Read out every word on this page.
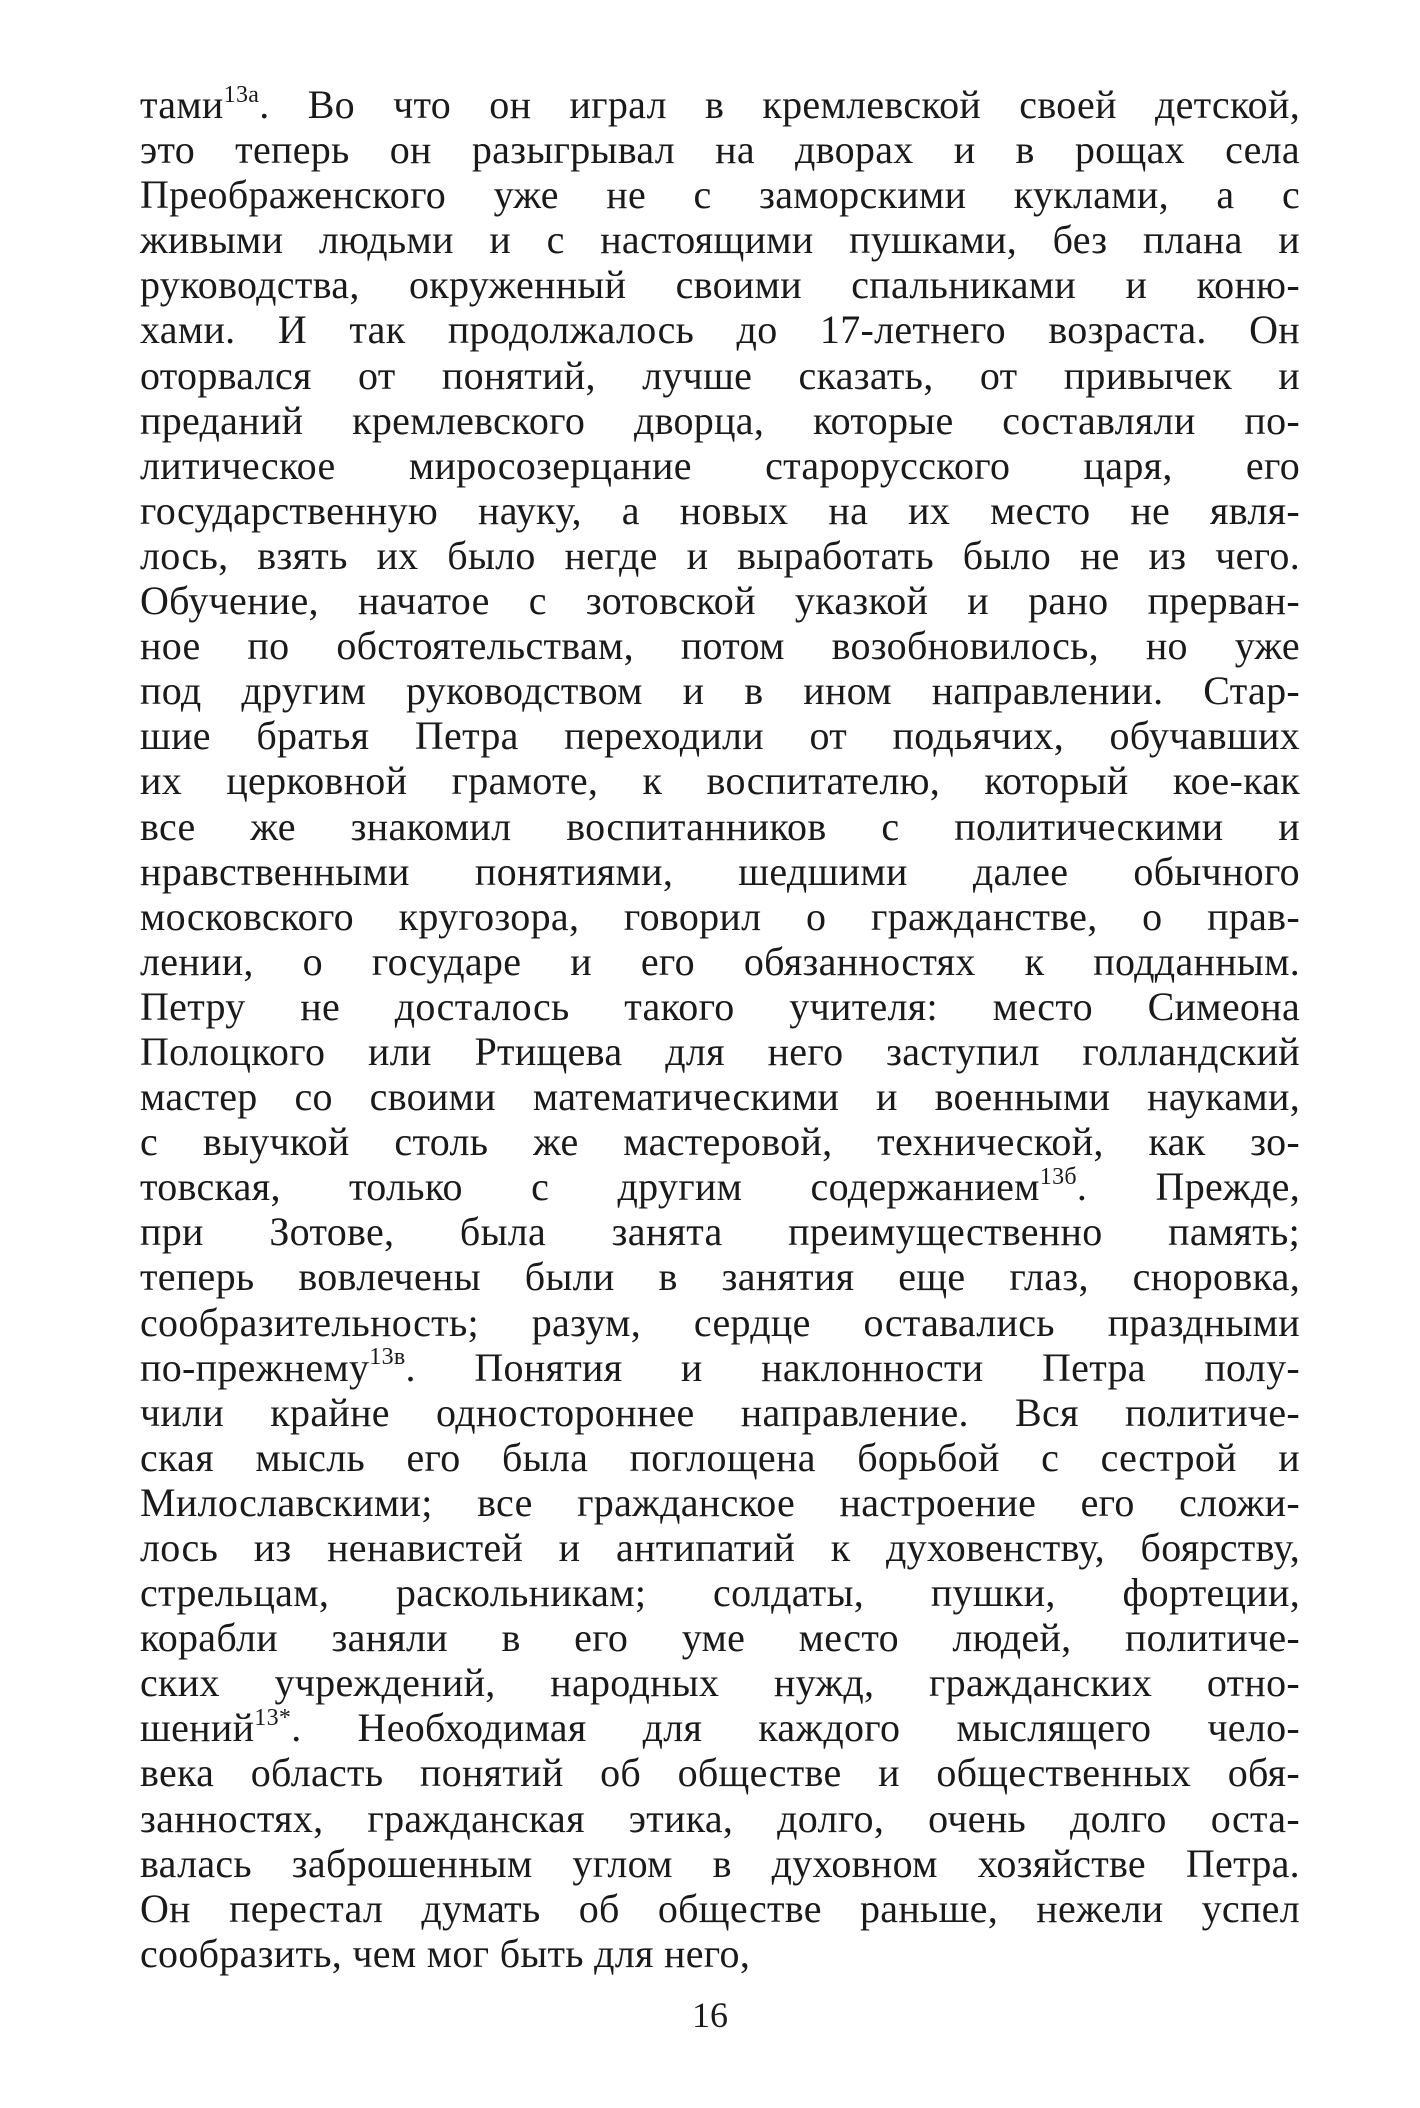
тами$^{13а}$. Во что он играл в кремлевской своей детской,
это теперь он разыгрывал на дворах и в рощах села
Преображенского уже не с заморскими куклами, а с
живыми людьми и с настоящими пушками, без плана и
руководства, окруженный своими спальниками и коню-
хами. И так продолжалось до 17-летнего возраста. Он
оторвался от понятий, лучше сказать, от привычек и
преданий кремлевского дворца, которые составляли по-
литическое миросозерцание старорусского царя, его
государственную науку, а новых на их место не явля-
лось, взять их было негде и выработать было не из чего.
Обучение, начатое с зотовской указкой и рано прерван-
ное по обстоятельствам, потом возобновилось, но уже
под другим руководством и в ином направлении. Стар-
шие братья Петра переходили от подьячих, обучавших
их церковной грамоте, к воспитателю, который кое-как
все же знакомил воспитанников с политическими и
нравственными понятиями, шедшими далее обычного
московского кругозора, говорил о гражданстве, о прав-
лении, о государе и его обязанностях к подданным.
Петру не досталось такого учителя: место Симеона
Полоцкого или Ртищева для него заступил голландский
мастер со своими математическими и военными науками,
с выучкой столь же мастеровой, технической, как зо-
товская, только с другим содержанием$^{13б}$. Прежде,
при Зотове, была занята преимущественно память;
теперь вовлечены были в занятия еще глаз, сноровка,
сообразительность; разум, сердце оставались праздными
по-прежнему$^{13в}$. Понятия и наклонности Петра полу-
чили крайне одностороннее направление. Вся политиче-
ская мысль его была поглощена борьбой с сестрой и
Милославскими; все гражданское настроение его сложи-
лось из ненавистей и антипатий к духовенству, боярству,
стрельцам, раскольникам; солдаты, пушки, фортеции,
корабли заняли в его уме место людей, политиче-
ских учреждений, народных нужд, гражданских отно-
шений$^{13*}$. Необходимая для каждого мыслящего чело-
века область понятий об обществе и общественных обя-
занностях, гражданская этика, долго, очень долго оста-
валась заброшенным углом в духовном хозяйстве Петра.
Он перестал думать об обществе раньше, нежели успел
сообразить, чем мог быть для него,
16
